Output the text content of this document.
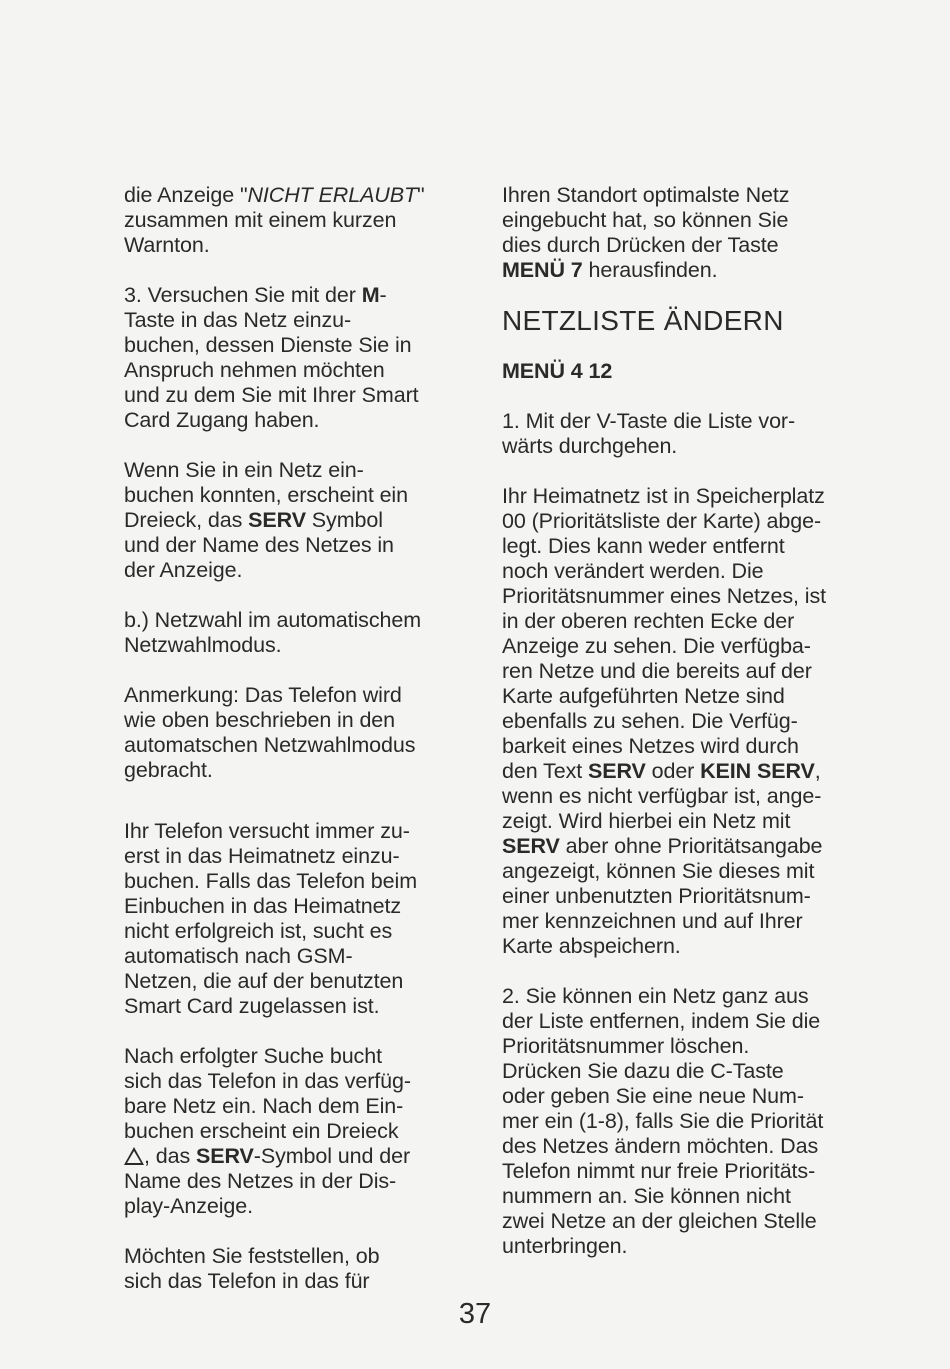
die Anzeige "NICHT ERLAUBT"
zusammen mit einem kurzen
Warnton.

3. Versuchen Sie mit der M-
Taste in das Netz einzu-
buchen, dessen Dienste Sie in
Anspruch nehmen möchten
und zu dem Sie mit Ihrer Smart
Card Zugang haben.

Wenn Sie in ein Netz ein-
buchen konnten, erscheint ein
Dreieck, das SERV Symbol
und der Name des Netzes in
der Anzeige.

b.) Netzwahl im automatischem
Netzwahlmodus.

Anmerkung: Das Telefon wird
wie oben beschrieben in den
automatschen Netzwahlmodus
gebracht.

Ihr Telefon versucht immer zu-
erst in das Heimatnetz einzu-
buchen. Falls das Telefon beim
Einbuchen in das Heimatnetz
nicht erfolgreich ist, sucht es
automatisch nach GSM-
Netzen, die auf der benutzten
Smart Card zugelassen ist.

Nach erfolgter Suche bucht
sich das Telefon in das verfüg-
bare Netz ein. Nach dem Ein-
buchen erscheint ein Dreieck
, das SERV-Symbol und der
Name des Netzes in der Dis-
play-Anzeige.

Möchten Sie feststellen, ob
sich das Telefon in das für

Ihren Standort optimalste Netz
eingebucht hat, so können Sie
dies durch Drücken der Taste
MENÜ 7 herausfinden.

NETZLISTE ÄNDERN

MENÜ 4 12

1. Mit der V-Taste die Liste vor-
wärts durchgehen.

Ihr Heimatnetz ist in Speicherplatz
00 (Prioritätsliste der Karte) abge-
legt. Dies kann weder entfernt
noch verändert werden. Die
Prioritätsnummer eines Netzes, ist
in der oberen rechten Ecke der
Anzeige zu sehen. Die verfügba-
ren Netze und die bereits auf der
Karte aufgeführten Netze sind
ebenfalls zu sehen. Die Verfüg-
barkeit eines Netzes wird durch
den Text SERV oder KEIN SERV,
wenn es nicht verfügbar ist, ange-
zeigt. Wird hierbei ein Netz mit
SERV aber ohne Prioritätsangabe
angezeigt, können Sie dieses mit
einer unbenutzten Prioritätsnum-
mer kennzeichnen und auf Ihrer
Karte abspeichern.

2. Sie können ein Netz ganz aus
der Liste entfernen, indem Sie die
Prioritätsnummer löschen.
Drücken Sie dazu die C-Taste
oder geben Sie eine neue Num-
mer ein (1-8), falls Sie die Priorität
des Netzes ändern möchten. Das
Telefon nimmt nur freie Prioritäts-
nummern an. Sie können nicht
zwei Netze an der gleichen Stelle
unterbringen.

37
